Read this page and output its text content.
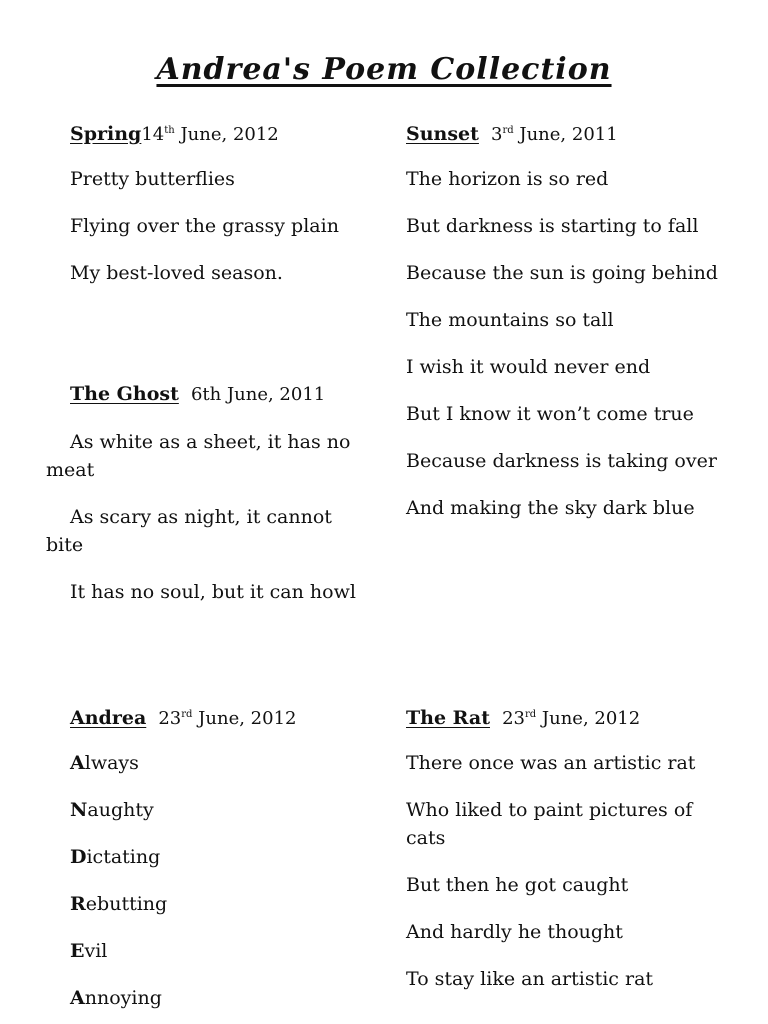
Andrea's Poem Collection
Spring14th June, 2012
Pretty butterflies
Flying over the grassy plain
My best-loved season.
Sunset 3rd June, 2011
The horizon is so red
But darkness is starting to fall
Because the sun is going behind
The mountains so tall
I wish it would never end
But I know it won’t come true
Because darkness is taking over
And making the sky dark blue
The Ghost 6th June, 2011
As white as a sheet, it has no meat
As scary as night, it cannot bite
It has no soul, but it can howl
Andrea 23rd June, 2012
Always
Naughty
Dictating
Rebutting
Evil
Annoying
The Rat 23rd June, 2012
There once was an artistic rat
Who liked to paint pictures of cats
But then he got caught
And hardly he thought
To stay like an artistic rat
